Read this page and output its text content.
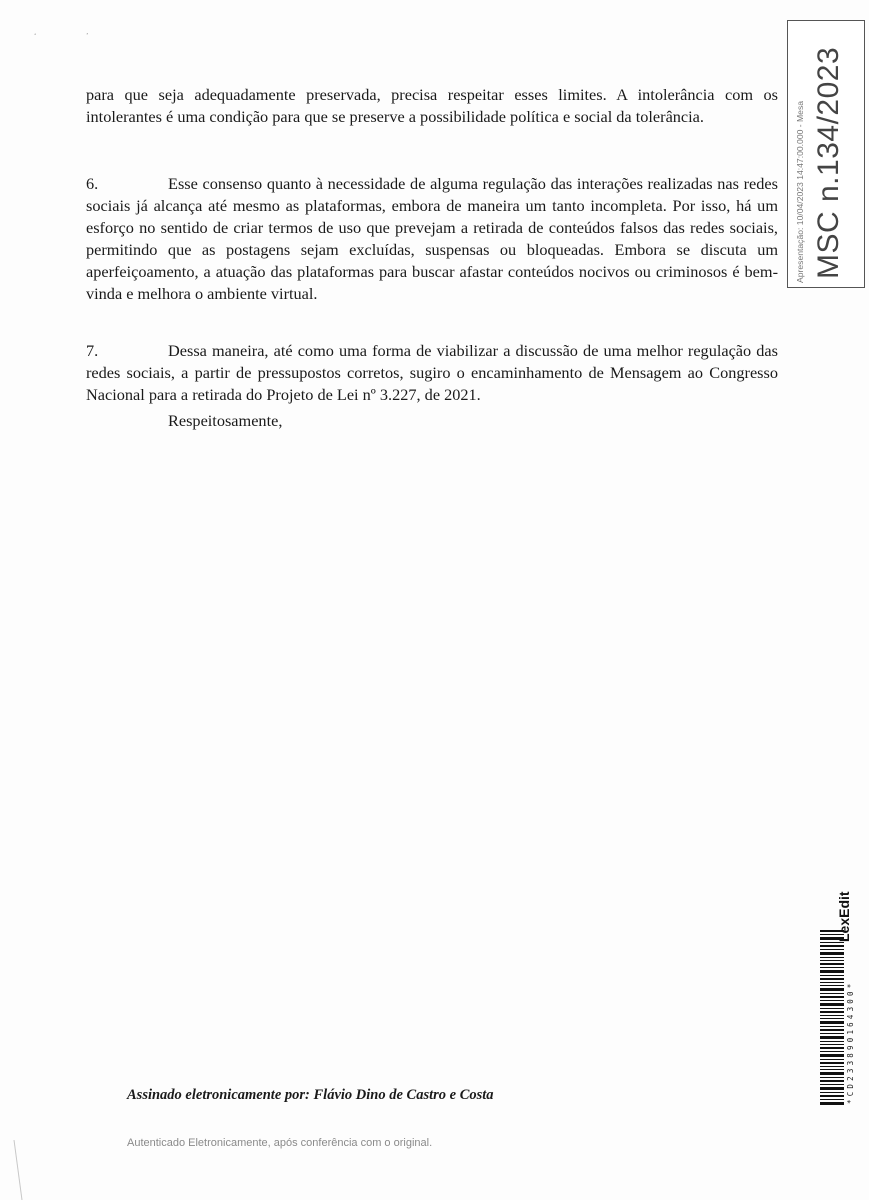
‘	’

para que seja adequadamente preservada, precisa respeitar esses limites. A intolerância com os intolerantes é uma condição para que se preserve a possibilidade política e social da tolerância.

6.	Esse consenso quanto à necessidade de alguma regulação das interações realizadas nas redes sociais já alcança até mesmo as plataformas, embora de maneira um tanto incompleta. Por isso, há um esforço no sentido de criar termos de uso que prevejam a retirada de conteúdos falsos das redes sociais, permitindo que as postagens sejam excluídas, suspensas ou bloqueadas. Embora se discuta um aperfeiçoamento, a atuação das plataformas para buscar afastar conteúdos nocivos ou criminosos é bem-vinda e melhora o ambiente virtual.

7.	Dessa maneira, até como uma forma de viabilizar a discussão de uma melhor regulação das redes sociais, a partir de pressupostos corretos, sugiro o encaminhamento de Mensagem ao Congresso Nacional para a retirada do Projeto de Lei nº 3.227, de 2021.

Respeitosamente,
Assinado eletronicamente por: Flávio Dino de Castro e Costa
Autenticado Eletronicamente, após conferência com o original.
Apresentação: 10/04/2023 14:47:00.000 - Mesa MSC n.134/2023
LexEdit
*CD233890164300*
